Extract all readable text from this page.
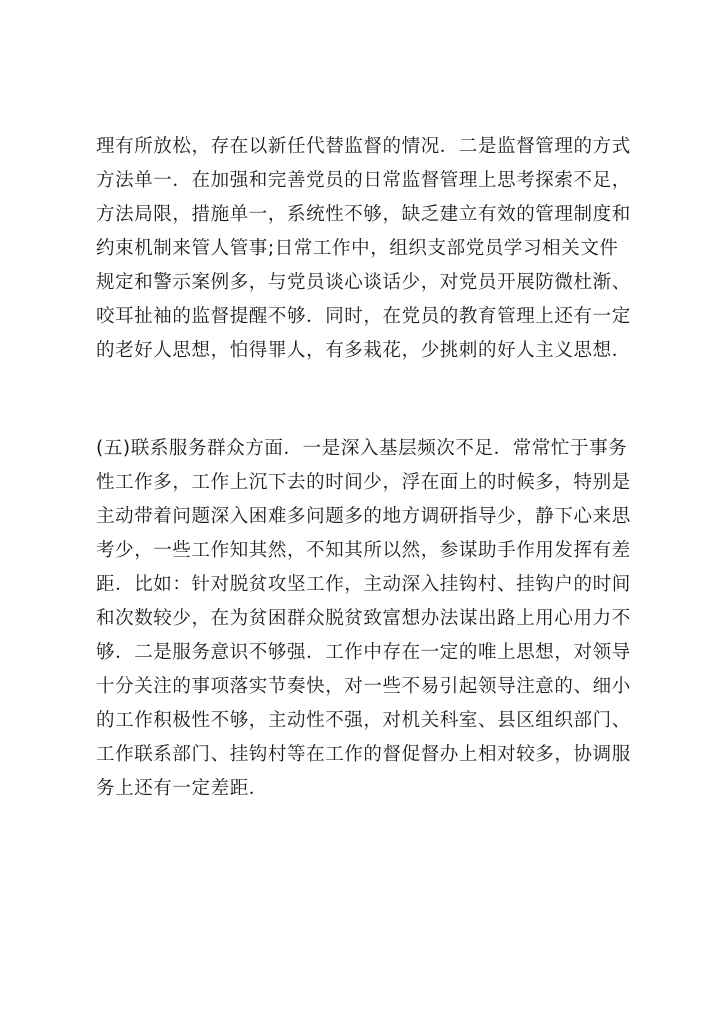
理有所放松，存在以新任代替监督的情况．二是监督管理的方式
方法单一．在加强和完善党员的日常监督管理上思考探索不足，
方法局限，措施单一，系统性不够，缺乏建立有效的管理制度和
约束机制来管人管事;日常工作中，组织支部党员学习相关文件
规定和警示案例多，与党员谈心谈话少，对党员开展防微杜渐、
咬耳扯袖的监督提醒不够．同时，在党员的教育管理上还有一定
的老好人思想，怕得罪人，有多栽花，少挑刺的好人主义思想．
(五)联系服务群众方面．一是深入基层频次不足．常常忙于事务
性工作多，工作上沉下去的时间少，浮在面上的时候多，特别是
主动带着问题深入困难多问题多的地方调研指导少，静下心来思
考少，一些工作知其然，不知其所以然，参谋助手作用发挥有差
距．比如：针对脱贫攻坚工作，主动深入挂钩村、挂钩户的时间
和次数较少，在为贫困群众脱贫致富想办法谋出路上用心用力不
够．二是服务意识不够强．工作中存在一定的唯上思想，对领导
十分关注的事项落实节奏快，对一些不易引起领导注意的、细小
的工作积极性不够，主动性不强，对机关科室、县区组织部门、
工作联系部门、挂钩村等在工作的督促督办上相对较多，协调服
务上还有一定差距．
